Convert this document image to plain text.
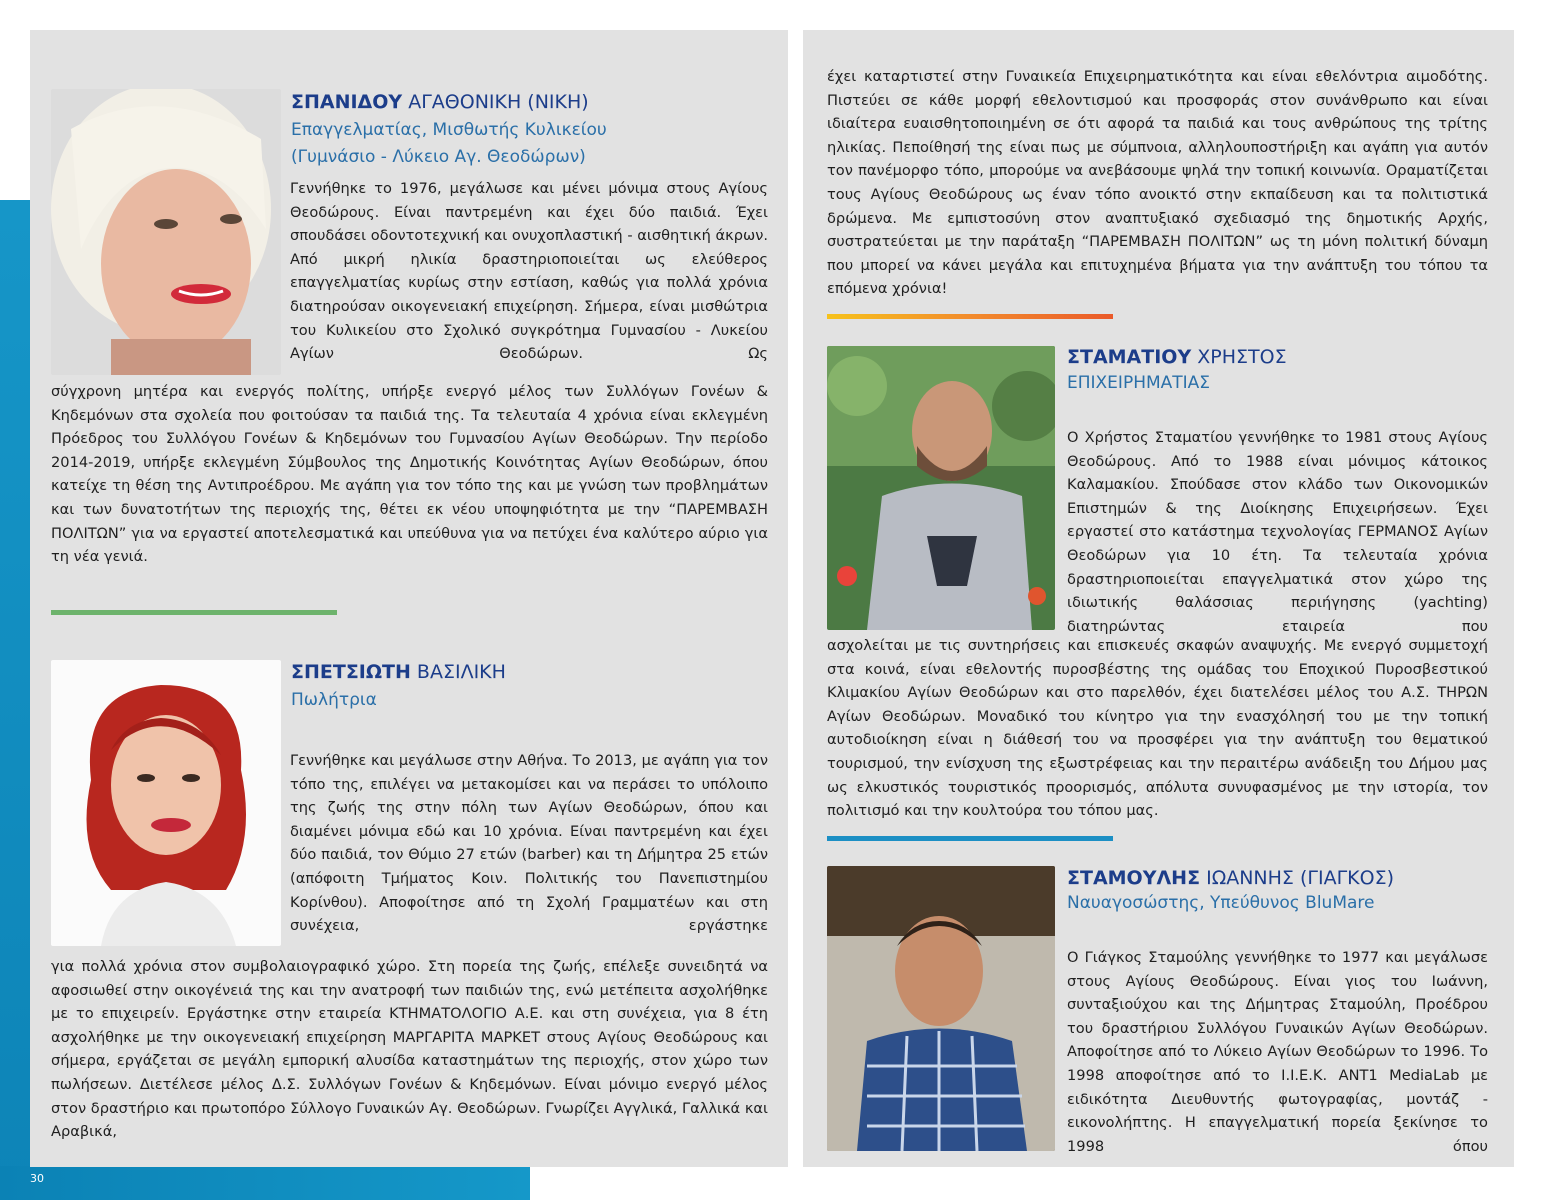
30
ΣΠΑΝΙΔΟΥ ΑΓΑΘΟΝΙΚΗ (ΝΙΚΗ)
Επαγγελματίας, Μισθωτής Κυλικείου
(Γυμνάσιο - Λύκειο Αγ. Θεοδώρων)
Γεννήθηκε το 1976, μεγάλωσε και μένει μόνιμα στους Αγίους Θεοδώρους. Είναι παντρεμένη και έχει δύο παιδιά. Έχει σπουδάσει οδοντοτεχνική και ονυχοπλαστική - αισθητική άκρων. Από μικρή ηλικία δραστηριοποιείται ως ελεύθερος επαγγελματίας κυρίως στην εστίαση, καθώς για πολλά χρόνια διατηρούσαν οικογενειακή επιχείρηση. Σήμερα, είναι μισθώτρια του Κυλικείου στο Σχολικό συγκρότημα Γυμνασίου - Λυκείου Αγίων Θεοδώρων. Ως
σύγχρονη μητέρα και ενεργός πολίτης, υπήρξε ενεργό μέλος των Συλλόγων Γονέων & Κηδεμόνων στα σχολεία που φοιτούσαν τα παιδιά της. Τα τελευταία 4 χρόνια είναι εκλεγμένη Πρόεδρος του Συλλόγου Γονέων & Κηδεμόνων του Γυμνασίου Αγίων Θεοδώρων. Την περίοδο 2014-2019, υπήρξε εκλεγμένη Σύμβουλος της Δημοτικής Κοινότητας Αγίων Θεοδώρων, όπου κατείχε τη θέση της Αντιπροέδρου. Με αγάπη για τον τόπο της και με γνώση των προβλημάτων και των δυνατοτήτων της περιοχής της, θέτει εκ νέου υποψηφιότητα με την “ΠΑΡΕΜΒΑΣΗ ΠΟΛΙΤΩΝ” για να εργαστεί αποτελεσματικά και υπεύθυνα για να πετύχει ένα καλύτερο αύριο για τη νέα γενιά.
ΣΠΕΤΣΙΩΤΗ ΒΑΣΙΛΙΚΗ
Πωλήτρια
Γεννήθηκε και μεγάλωσε στην Αθήνα. Το 2013, με αγάπη για τον τόπο της, επιλέγει να μετακομίσει και να περάσει το υπόλοιπο της ζωής της στην πόλη των Αγίων Θεοδώρων, όπου και διαμένει μόνιμα εδώ και 10 χρόνια. Είναι παντρεμένη και έχει δύο παιδιά, τον Θύμιο 27 ετών (barber) και τη Δήμητρα 25 ετών (απόφοιτη Τμήματος Κοιν. Πολιτικής του Πανεπιστημίου Κορίνθου). Αποφοίτησε από τη Σχολή Γραμματέων και στη συνέχεια, εργάστηκε
για πολλά χρόνια στον συμβολαιογραφικό χώρο. Στη πορεία της ζωής, επέλεξε συνειδητά να αφοσιωθεί στην οικογένειά της και την ανατροφή των παιδιών της, ενώ μετέπειτα ασχολήθηκε με το επιχειρείν. Εργάστηκε στην εταιρεία ΚΤΗΜΑΤΟΛΟΓΙΟ Α.Ε. και στη συνέχεια, για 8 έτη ασχολήθηκε με την οικογενειακή επιχείρηση ΜΑΡΓΑΡΙΤΑ ΜΑΡΚΕΤ στους Αγίους Θεοδώρους και σήμερα, εργάζεται σε μεγάλη εμπορική αλυσίδα καταστημάτων της περιοχής, στον χώρο των πωλήσεων. Διετέλεσε μέλος Δ.Σ. Συλλόγων Γονέων & Κηδεμόνων. Είναι μόνιμο ενεργό μέλος στον δραστήριο και πρωτοπόρο Σύλλογο Γυναικών Αγ. Θεοδώρων. Γνωρίζει Αγγλικά, Γαλλικά και Αραβικά,
έχει καταρτιστεί στην Γυναικεία Επιχειρηματικότητα και είναι εθελόντρια αιμοδότης. Πιστεύει σε κάθε μορφή εθελοντισμού και προσφοράς στον συνάνθρωπο και είναι ιδιαίτερα ευαισθητοποιημένη σε ότι αφορά τα παιδιά και τους ανθρώπους της τρίτης ηλικίας. Πεποίθησή της είναι πως με σύμπνοια, αλληλουποστήριξη και αγάπη για αυτόν τον πανέμορφο τόπο, μπορούμε να ανεβάσουμε ψηλά την τοπική κοινωνία. Οραματίζεται τους Αγίους Θεοδώρους ως έναν τόπο ανοικτό στην εκπαίδευση και τα πολιτιστικά δρώμενα. Με εμπιστοσύνη στον αναπτυξιακό σχεδιασμό της δημοτικής Αρχής, συστρατεύεται με την παράταξη “ΠΑΡΕΜΒΑΣΗ ΠΟΛΙΤΩΝ” ως τη μόνη πολιτική δύναμη που μπορεί να κάνει μεγάλα και επιτυχημένα βήματα για την ανάπτυξη του τόπου τα επόμενα χρόνια!
ΣΤΑΜΑΤΙΟΥ ΧΡΗΣΤΟΣ
ΕΠΙΧΕΙΡΗΜΑΤΙΑΣ
Ο Χρήστος Σταματίου γεννήθηκε το 1981 στους Αγίους Θεοδώρους. Από το 1988 είναι μόνιμος κάτοικος Καλαμακίου. Σπούδασε στον κλάδο των Οικονομικών Επιστημών & της Διοίκησης Επιχειρήσεων. Έχει εργαστεί στο κατάστημα τεχνολογίας ΓΕΡΜΑΝΟΣ Αγίων Θεοδώρων για 10 έτη. Τα τελευταία χρόνια δραστηριοποιείται επαγγελματικά στον χώρο της ιδιωτικής θαλάσσιας περιήγησης (yachting) διατηρώντας εταιρεία που
ασχολείται με τις συντηρήσεις και επισκευές σκαφών αναψυχής. Με ενεργό συμμετοχή στα κοινά, είναι εθελοντής πυροσβέστης της ομάδας του Εποχικού Πυροσβεστικού Κλιμακίου Αγίων Θεοδώρων και στο παρελθόν, έχει διατελέσει μέλος του Α.Σ. ΤΗΡΩΝ Αγίων Θεοδώρων. Μοναδικό του κίνητρο για την ενασχόλησή του με την τοπική αυτοδιοίκηση είναι η διάθεσή του να προσφέρει για την ανάπτυξη του θεματικού τουρισμού, την ενίσχυση της εξωστρέφειας και την περαιτέρω ανάδειξη του Δήμου μας ως ελκυστικός τουριστικός προορισμός, απόλυτα συνυφασμένος με την ιστορία, τον πολιτισμό και την κουλτούρα του τόπου μας.
ΣΤΑΜΟΥΛΗΣ ΙΩΑΝΝΗΣ (ΓΙΑΓΚΟΣ)
Ναυαγοσώστης, Υπεύθυνος BluMare
Ο Γιάγκος Σταμούλης γεννήθηκε το 1977 και μεγάλωσε στους Αγίους Θεοδώρους. Είναι γιος του Ιωάννη, συνταξιούχου και της Δήμητρας Σταμούλη, Προέδρου του δραστήριου Συλλόγου Γυναικών Αγίων Θεοδώρων. Αποφοίτησε από το Λύκειο Αγίων Θεοδώρων το 1996. Το 1998 αποφοίτησε από το Ι.Ι.Ε.Κ. ΑΝΤ1 MediaLab με ειδικότητα Διευθυντής φωτογραφίας, μοντάζ - εικονολήπτης. Η επαγγελματική πορεία ξεκίνησε το 1998 όπου
